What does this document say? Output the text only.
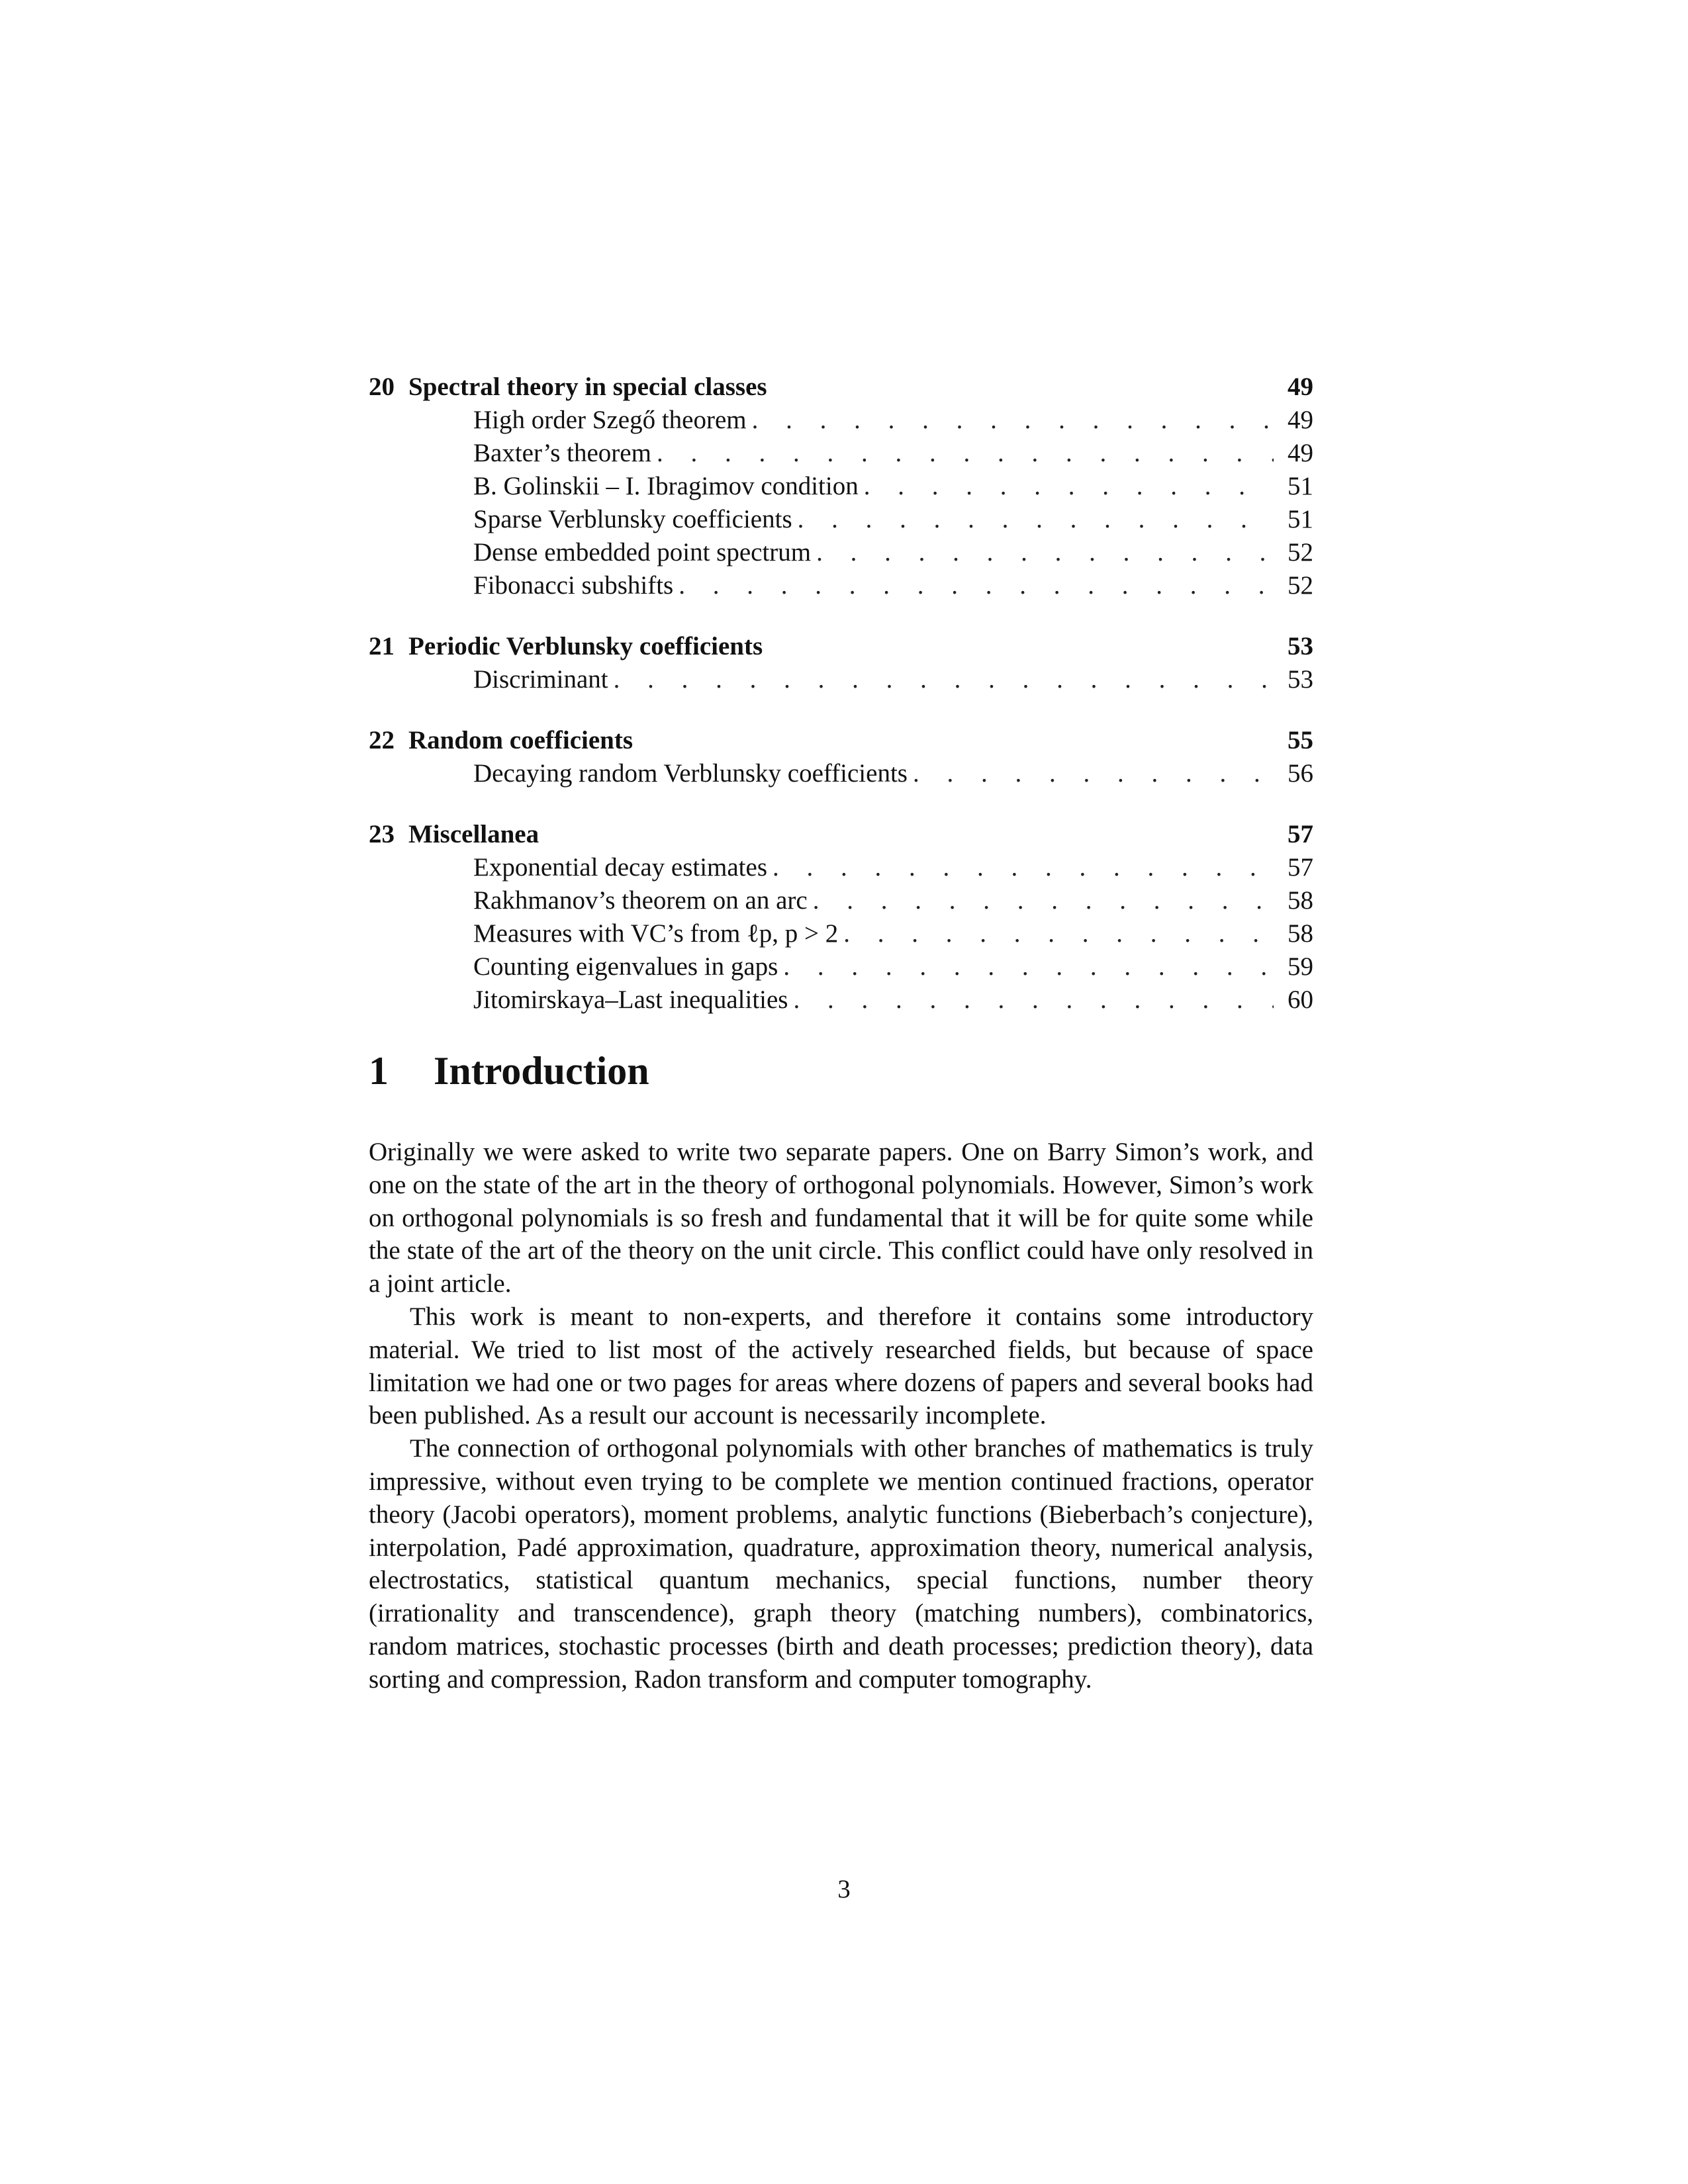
20 Spectral theory in special classes	49
High order Szegő theorem . . .	49
Baxter’s theorem . . .	49
B. Golinskii – I. Ibragimov condition . . .	51
Sparse Verblunsky coefficients . . .	51
Dense embedded point spectrum . . .	52
Fibonacci subshifts . . .	52
21 Periodic Verblunsky coefficients	53
Discriminant . . .	53
22 Random coefficients	55
Decaying random Verblunsky coefficients . . .	56
23 Miscellanea	57
Exponential decay estimates . . .	57
Rakhmanov’s theorem on an arc . . .	58
Measures with VC’s from ℓp, p > 2 . . .	58
Counting eigenvalues in gaps . . .	59
Jitomirskaya–Last inequalities . . .	60
1	Introduction

Originally we were asked to write two separate papers. One on Barry Simon’s work, and one on the state of the art in the theory of orthogonal polynomials. However, Simon’s work on orthogonal polynomials is so fresh and fundamental that it will be for quite some while the state of the art of the theory on the unit circle. This conflict could have only resolved in a joint article.

This work is meant to non-experts, and therefore it contains some introductory material. We tried to list most of the actively researched fields, but because of space limitation we had one or two pages for areas where dozens of papers and several books had been published. As a result our account is necessarily incomplete.

The connection of orthogonal polynomials with other branches of mathematics is truly impressive, without even trying to be complete we mention continued fractions, operator theory (Jacobi operators), moment problems, analytic functions (Bieberbach’s conjecture), interpolation, Padé approximation, quadrature, approximation theory, numerical analysis, electrostatics, statistical quantum mechanics, special functions, number theory (irrationality and transcendence), graph theory (matching numbers), combinatorics, random matrices, stochastic processes (birth and death processes; prediction theory), data sorting and compression, Radon transform and computer tomography.

3
